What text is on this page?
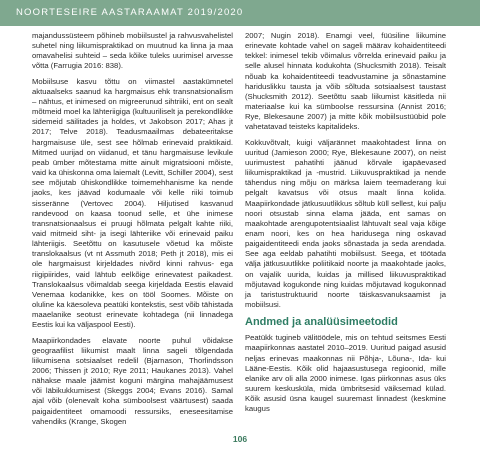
NOORTESEIRE AASTARAAMAT 2019/2020

majandussüsteem põhineb mobiilsustel ja rahvusvahelistel suhetel ning liikumispraktikad on muutnud ka linna ja maa omavahelisi suhteid – seda kõike tuleks uurimisel arvesse võtta (Farrugia 2016: 838).

Mobiilsuse kasvu tõttu on viimastel aastakümnetel aktuaalseks saanud ka hargmaisus ehk transnatsionalism – nähtus, et inimesed on migreerunud sihtriiki, ent on sealt mõtmeid moel ka lähteriigiga (kultuuriliselt ja perekondlikke sidemeid säilitades ja holdes, vt Jakobson 2017; Ahas jt 2017; Telve 2018). Teadusmaailmas debateeritakse hargmaisuse üle, sest see hõlmab erinevaid praktikaid. Mitmed uurijad on viidanud, et tänu hargmaisuse levikule peab ümber mõtestama mitte ainult migratsiooni mõiste, vaid ka ühiskonna oma laiemalt (Levitt, Schiller 2004), sest see mõjutab ühiskondlikke toimemehhanisme ka nende jaoks, kes jäävad kodumaale või kelle riiki toimub sisseränne (Vertovec 2004). Hiljutised kasvanud randevood on kaasa toonud selle, et ühe inimese transnatsionaalsus ei pruugi hõlmata pelgalt kahte riiki, vaid mitmeid siht- ja isegi lähteriike või erinevaid paiku lähteriigis. Seetõttu on kasutusele võetud ka mõiste translokaalsus (vt nt Assmuth 2018; Peth jt 2018), mis ei ole hargmaisust kirjeldades nivõrd kinni rahvus- ega riigipiirides, vaid lähtub eelkõige erinevatest paikadest. Translokaalsus võimaldab seega kirjeldada Eestis elavaid Venemaa kodanikke, kes on tööl Soomes. Mõiste on oluline ka käesoleva peatüki kontekstis, sest võib tähistada maaelanike seotust erinevate kohtadega (nii linnadega Eestis kui ka väljaspool Eesti).

Maapiirkondades elavate noorte puhul võidakse geograafilist liikumist maalt linna sageli tõlgendada liikumisena sotsiaalset redelil (Bjarnason, Thorlindsson 2006; Thissen jt 2010; Rye 2011; Haukanes 2013). Vahel nähakse maale jäämist koguni märgina mahajäämusest või läbikukkumisest (Skeggs 2004; Evans 2016). Samal ajal võib (olenevalt koha sümboolsest väärtusest) saada paigaidentiteet omamoodi ressursiks, eneseesitamise vahendiks (Krange, Skogen

2007; Nugin 2018). Enamgi veel, füüsiline liikumine erinevate kohtade vahel on sageli määrav kohaidentiteedi tekkel: inimesel tekib võimalus võrrelda erinevaid paiku ja selle alusel hinnata kodukohta (Shucksmith 2018). Teisalt nõuab ka kohaidentiteedi teadvustamine ja sõnastamine hariduslikku tausta ja võib sõltuda sotsiaalsest taustast (Shucksmith 2012). Seetõttu saab liikumist käsitleda nii materiaalse kui ka sümboolse ressursina (Annist 2016; Rye, Blekesaune 2007) ja mitte kõik mobiilsustüübid pole vahetatavad teisteks kapitalideks.

Kokkuvõtvalt, kuigi väljarännet maakohtadest linna on uuritud (Jamieson 2000; Rye, Blekesaune 2007), on neist uurimustest pahatihti jäänud kõrvale igapäevased liikumispraktikad ja -mustrid. Liikuvuspraktikad ja nende tähendus ning mõju on märksa laiem teemaderang kui pelgalt kavatsus või otsus maalt linna kolida. Maapiirkondade jätkusuutlikkus sõltub küll sellest, kui palju noori otsustab sinna elama jääda, ent samas on maakohtade arengupotentsiaalist lähtuvalt seal vaja kõige enam noori, kes on hea haridusega ning oskavad paigaidentiteedi enda jaoks sõnastada ja seda arendada. See aga eeldab pahatihti mobiilsust. Seega, et töötada välja jätkusuutlikke poliitikaid noorte ja maakohtade jaoks, on vajalik uurida, kuidas ja millised liikuvuspraktikad mõjutavad kogukonde ning kuidas mõjutavad kogukonnad ja taristustruktuurid noorte täiskasvanuksaamist ja mobiilsusi.

Andmed ja analüüsimeetodid

Peatükk tugineb välitöödele, mis on tehtud seitsmes Eesti maapiirkonnas aastatel 2010–2019. Uuritud paigad asusid neljas erinevas maakonnas nii Põhja-, Lõuna-, Ida- kui Lääne-Eestis. Kõik olid hajaasustusega regioonid, mille elanike arv oli alla 2000 inimese. Igas piirkonnas asus üks suurem keskusküla, mida ümbritsesid väiksemad külad. Kõik asusid üsna kaugel suuremast linnadest (keskmine kaugus

106
